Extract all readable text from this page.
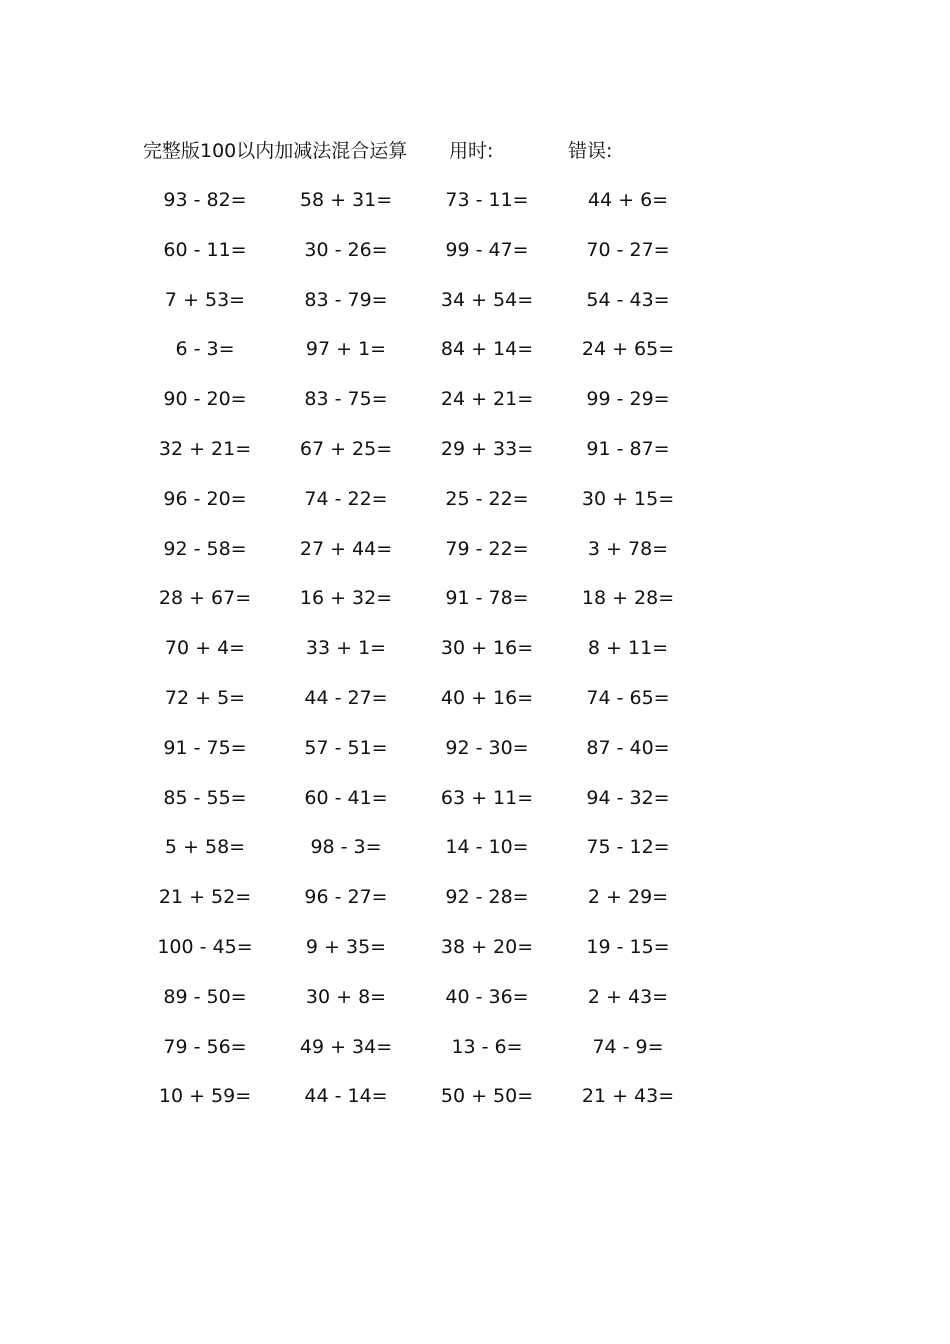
完整版100以内加减法混合运算 用时:	错误:
93 - 82=	58 + 31=	73 - 11=	44 + 6=
60 - 11=	30 - 26=	99 - 47=	70 - 27=
7 + 53=	83 - 79=	34 + 54=	54 - 43=
6 - 3=	97 + 1=	84 + 14=	24 + 65=
90 - 20=	83 - 75=	24 + 21=	99 - 29=
32 + 21=	67 + 25=	29 + 33=	91 - 87=
96 - 20=	74 - 22=	25 - 22=	30 + 15=
92 - 58=	27 + 44=	79 - 22=	3 + 78=
28 + 67=	16 + 32=	91 - 78=	18 + 28=
70 + 4=	33 + 1=	30 + 16=	8 + 11=
72 + 5=	44 - 27=	40 + 16=	74 - 65=
91 - 75=	57 - 51=	92 - 30=	87 - 40=
85 - 55=	60 - 41=	63 + 11=	94 - 32=
5 + 58=	98 - 3=	14 - 10=	75 - 12=
21 + 52=	96 - 27=	92 - 28=	2 + 29=
100 - 45=	9 + 35=	38 + 20=	19 - 15=
89 - 50=	30 + 8=	40 - 36=	2 + 43=
79 - 56=	49 + 34=	13 - 6=	74 - 9=
10 + 59=	44 - 14=	50 + 50=	21 + 43=
